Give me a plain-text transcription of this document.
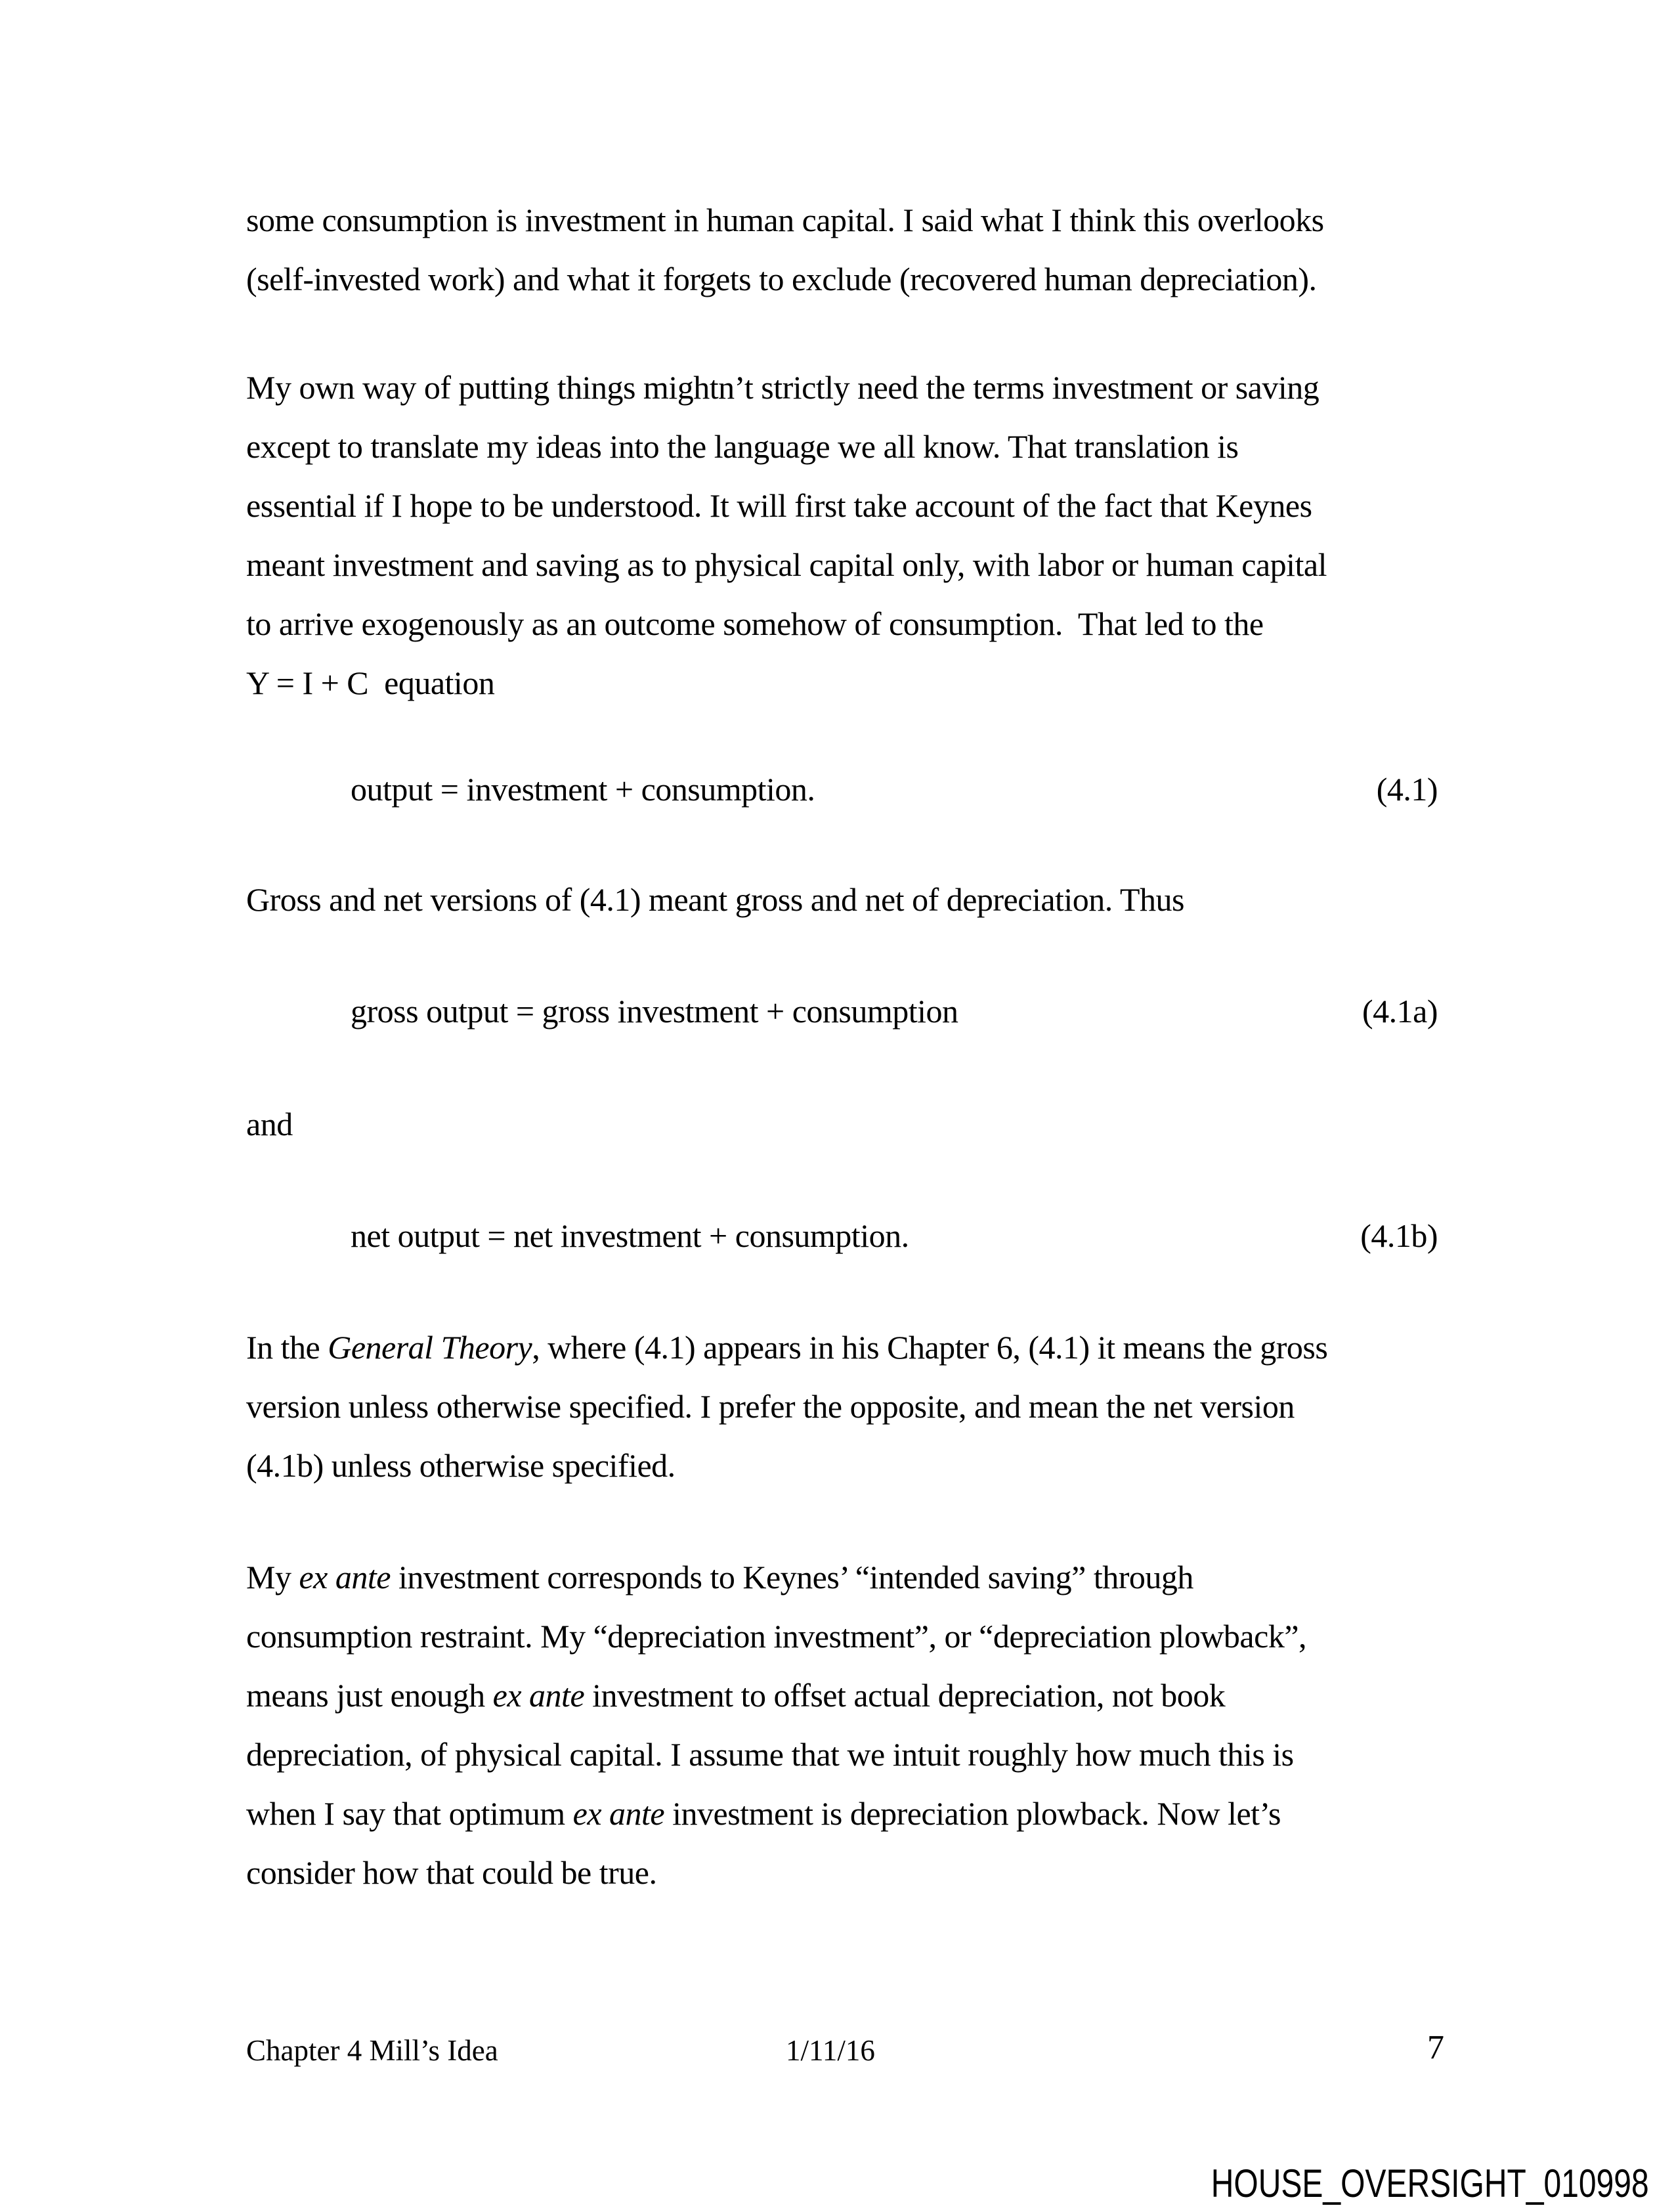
some consumption is investment in human capital. I said what I think this overlooks
(self-invested work) and what it forgets to exclude (recovered human depreciation).
My own way of putting things mightn’t strictly need the terms investment or saving
except to translate my ideas into the language we all know. That translation is
essential if I hope to be understood. It will first take account of the fact that Keynes
meant investment and saving as to physical capital only, with labor or human capital
to arrive exogenously as an outcome somehow of consumption.  That led to the
Y = I + C  equation
output = investment + consumption.	(4.1)
Gross and net versions of (4.1) meant gross and net of depreciation. Thus
gross output = gross investment + consumption	(4.1a)
and
net output = net investment + consumption.	(4.1b)
In the General Theory, where (4.1) appears in his Chapter 6, (4.1) it means the gross
version unless otherwise specified. I prefer the opposite, and mean the net version
(4.1b) unless otherwise specified.
My ex ante investment corresponds to Keynes’ “intended saving” through
consumption restraint. My “depreciation investment”, or “depreciation plowback”,
means just enough ex ante investment to offset actual depreciation, not book
depreciation, of physical capital. I assume that we intuit roughly how much this is
when I say that optimum ex ante investment is depreciation plowback. Now let’s
consider how that could be true.
Chapter 4 Mill’s Idea	1/11/16	7
HOUSE_OVERSIGHT_010998
